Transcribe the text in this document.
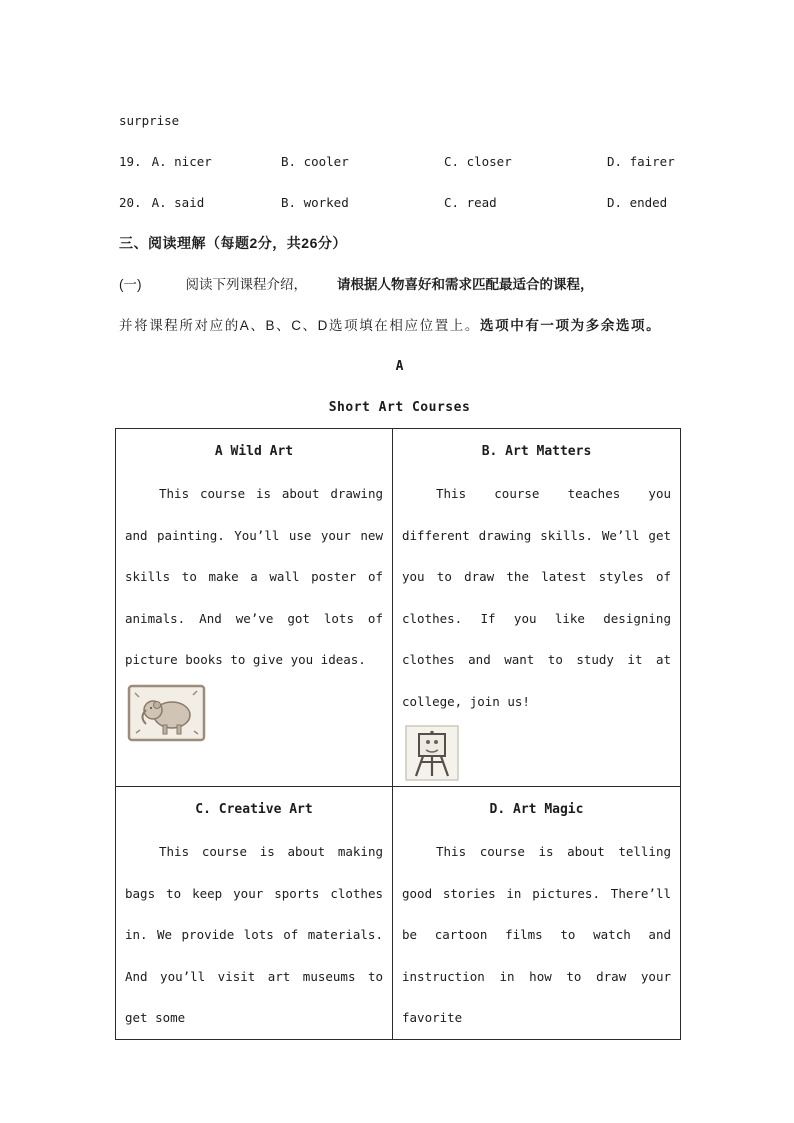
surprise
19. A. nicer	B. cooler	C. closer	D. fairer
20. A. said	B. worked	C. read	D. ended
三、阅读理解（每题2分，共26分）
(一)	阅读下列课程介绍， 请根据人物喜好和需求匹配最适合的课程，
并将课程所对应的A、B、C、D选项填在相应位置上。选项中有一项为多余选项。
A
Short Art Courses
A Wild Art
This course is about drawing and painting. You’ll use your new skills to make a wall poster of animals. And we’ve got lots of picture books to give you ideas.

B. Art Matters
This course teaches you different drawing skills. We’ll get you to draw the latest styles of clothes. If you like designing clothes and want to study it at college, join us!

C. Creative Art
This course is about making bags to keep your sports clothes in. We provide lots of materials. And you’ll visit art museums to get some

D. Art Magic
This course is about telling good stories in pictures. There’ll be cartoon films to watch and instruction in how to draw your favorite
